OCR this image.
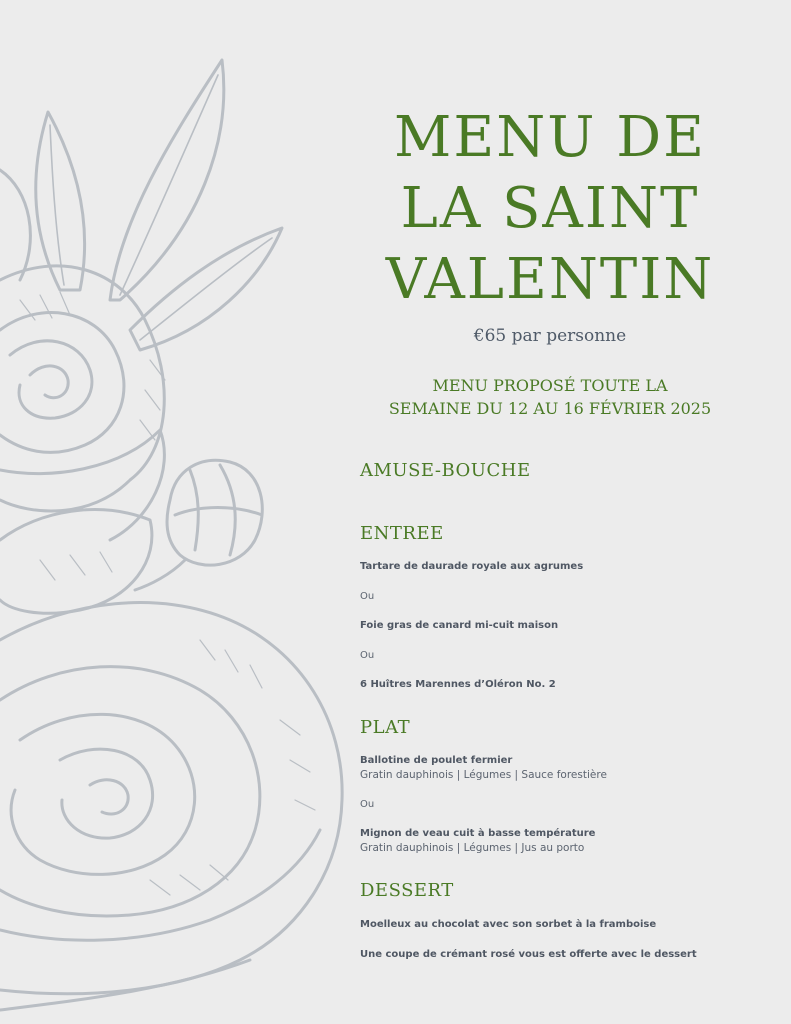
MENU DE
LA SAINT
VALENTIN
€65 par personne
MENU PROPOSÉ TOUTE LA
SEMAINE DU 12 AU 16 FÉVRIER 2025
AMUSE-BOUCHE
ENTREE
Tartare de daurade royale aux agrumes
Ou
Foie gras de canard mi-cuit maison
Ou
6 Huîtres Marennes d’Oléron No. 2
PLAT
Ballotine de poulet fermier
Gratin dauphinois | Légumes | Sauce forestière
Ou
Mignon de veau cuit à basse température
Gratin dauphinois | Légumes | Jus au porto
DESSERT
Moelleux au chocolat avec son sorbet à la framboise
Une coupe de crémant rosé vous est offerte avec le dessert
